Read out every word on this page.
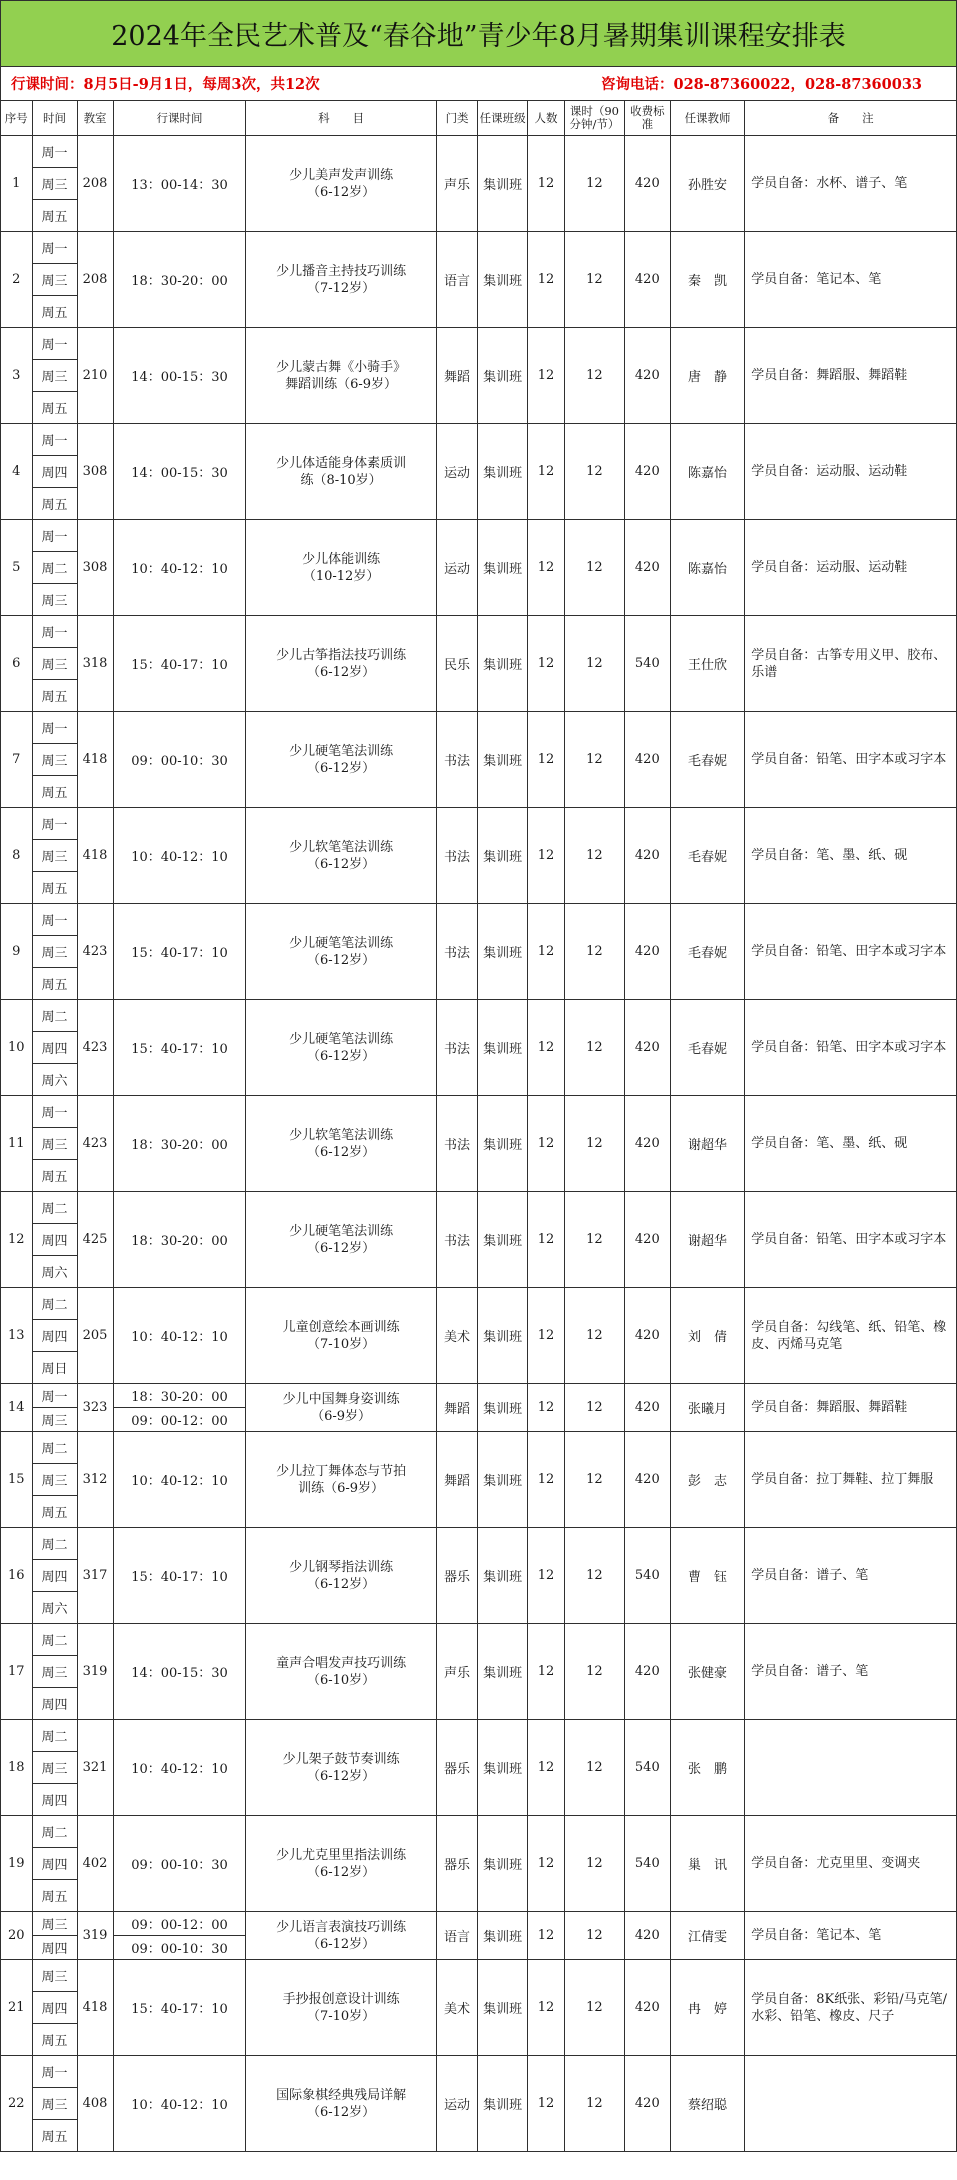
2024年全民艺术普及“春谷地”青少年8月暑期集训课程安排表
行课时间：8月5日-9月1日，每周3次，共12次	咨询电话：028-87360022，028-87360033
序号	时间	教室	行课时间	科　　目	门类	任课班级	人数	课时（90分钟/节）	收费标准	任课教师	备　　注
1	周一	208	13：00-14：30	少儿美声发声训练
（6-12岁）	声乐	集训班	12	12	420	孙胜安	学员自备：水杯、谱子、笔
	周三										
	周五										
2	周一	208	18：30-20：00	少儿播音主持技巧训练
（7-12岁）	语言	集训班	12	12	420	秦　凯	学员自备：笔记本、笔
	周三										
	周五										
3	周一	210	14：00-15：30	少儿蒙古舞《小骑手》
舞蹈训练（6-9岁）	舞蹈	集训班	12	12	420	唐　静	学员自备：舞蹈服、舞蹈鞋
	周三										
	周五										
4	周一	308	14：00-15：30	少儿体适能身体素质训
练（8-10岁）	运动	集训班	12	12	420	陈嘉怡	学员自备：运动服、运动鞋
	周四										
	周五										
5	周一	308	10：40-12：10	少儿体能训练
（10-12岁）	运动	集训班	12	12	420	陈嘉怡	学员自备：运动服、运动鞋
	周二										
	周三										
6	周一	318	15：40-17：10	少儿古筝指法技巧训练
（6-12岁）	民乐	集训班	12	12	540	王仕欣	学员自备：古筝专用义甲、胶布、乐谱
	周三										
	周五										
7	周一	418	09：00-10：30	少儿硬笔笔法训练
（6-12岁）	书法	集训班	12	12	420	毛春妮	学员自备：铅笔、田字本或习字本
	周三										
	周五										
8	周一	418	10：40-12：10	少儿软笔笔法训练
（6-12岁）	书法	集训班	12	12	420	毛春妮	学员自备：笔、墨、纸、砚
	周三										
	周五										
9	周一	423	15：40-17：10	少儿硬笔笔法训练
（6-12岁）	书法	集训班	12	12	420	毛春妮	学员自备：铅笔、田字本或习字本
	周三										
	周五										
10	周二	423	15：40-17：10	少儿硬笔笔法训练
（6-12岁）	书法	集训班	12	12	420	毛春妮	学员自备：铅笔、田字本或习字本
	周四										
	周六										
11	周一	423	18：30-20：00	少儿软笔笔法训练
（6-12岁）	书法	集训班	12	12	420	谢超华	学员自备：笔、墨、纸、砚
	周三										
	周五										
12	周二	425	18：30-20：00	少儿硬笔笔法训练
（6-12岁）	书法	集训班	12	12	420	谢超华	学员自备：铅笔、田字本或习字本
	周四										
	周六										
13	周二	205	10：40-12：10	儿童创意绘本画训练
（7-10岁）	美术	集训班	12	12	420	刘　倩	学员自备：勾线笔、纸、铅笔、橡皮、丙烯马克笔
	周四										
	周日										
14	周一	323	18：30-20：00	少儿中国舞身姿训练
（6-9岁）	舞蹈	集训班	12	12	420	张曦月	学员自备：舞蹈服、舞蹈鞋
	周三		09：00-12：00								
15	周二	312	10：40-12：10	少儿拉丁舞体态与节拍
训练（6-9岁）	舞蹈	集训班	12	12	420	彭　志	学员自备：拉丁舞鞋、拉丁舞服
	周三										
	周五										
16	周二	317	15：40-17：10	少儿钢琴指法训练
（6-12岁）	器乐	集训班	12	12	540	曹　钰	学员自备：谱子、笔
	周四										
	周六										
17	周二	319	14：00-15：30	童声合唱发声技巧训练
（6-10岁）	声乐	集训班	12	12	420	张健豪	学员自备：谱子、笔
	周三										
	周四										
18	周二	321	10：40-12：10	少儿架子鼓节奏训练
（6-12岁）	器乐	集训班	12	12	540	张　鹏	
	周三										
	周四										
19	周二	402	09：00-10：30	少儿尤克里里指法训练
（6-12岁）	器乐	集训班	12	12	540	巢　讯	学员自备：尤克里里、变调夹
	周四										
	周五										
20	周三	319	09：00-12：00	少儿语言表演技巧训练
（6-12岁）	语言	集训班	12	12	420	江倩雯	学员自备：笔记本、笔
	周四		09：00-10：30								
21	周三	418	15：40-17：10	手抄报创意设计训练
（7-10岁）	美术	集训班	12	12	420	冉　婷	学员自备：8K纸张、彩铅/马克笔/水彩、铅笔、橡皮、尺子
	周四										
	周五										
22	周一	408	10：40-12：10	国际象棋经典残局详解
（6-12岁）	运动	集训班	12	12	420	蔡绍聪	
	周三										
	周五										
